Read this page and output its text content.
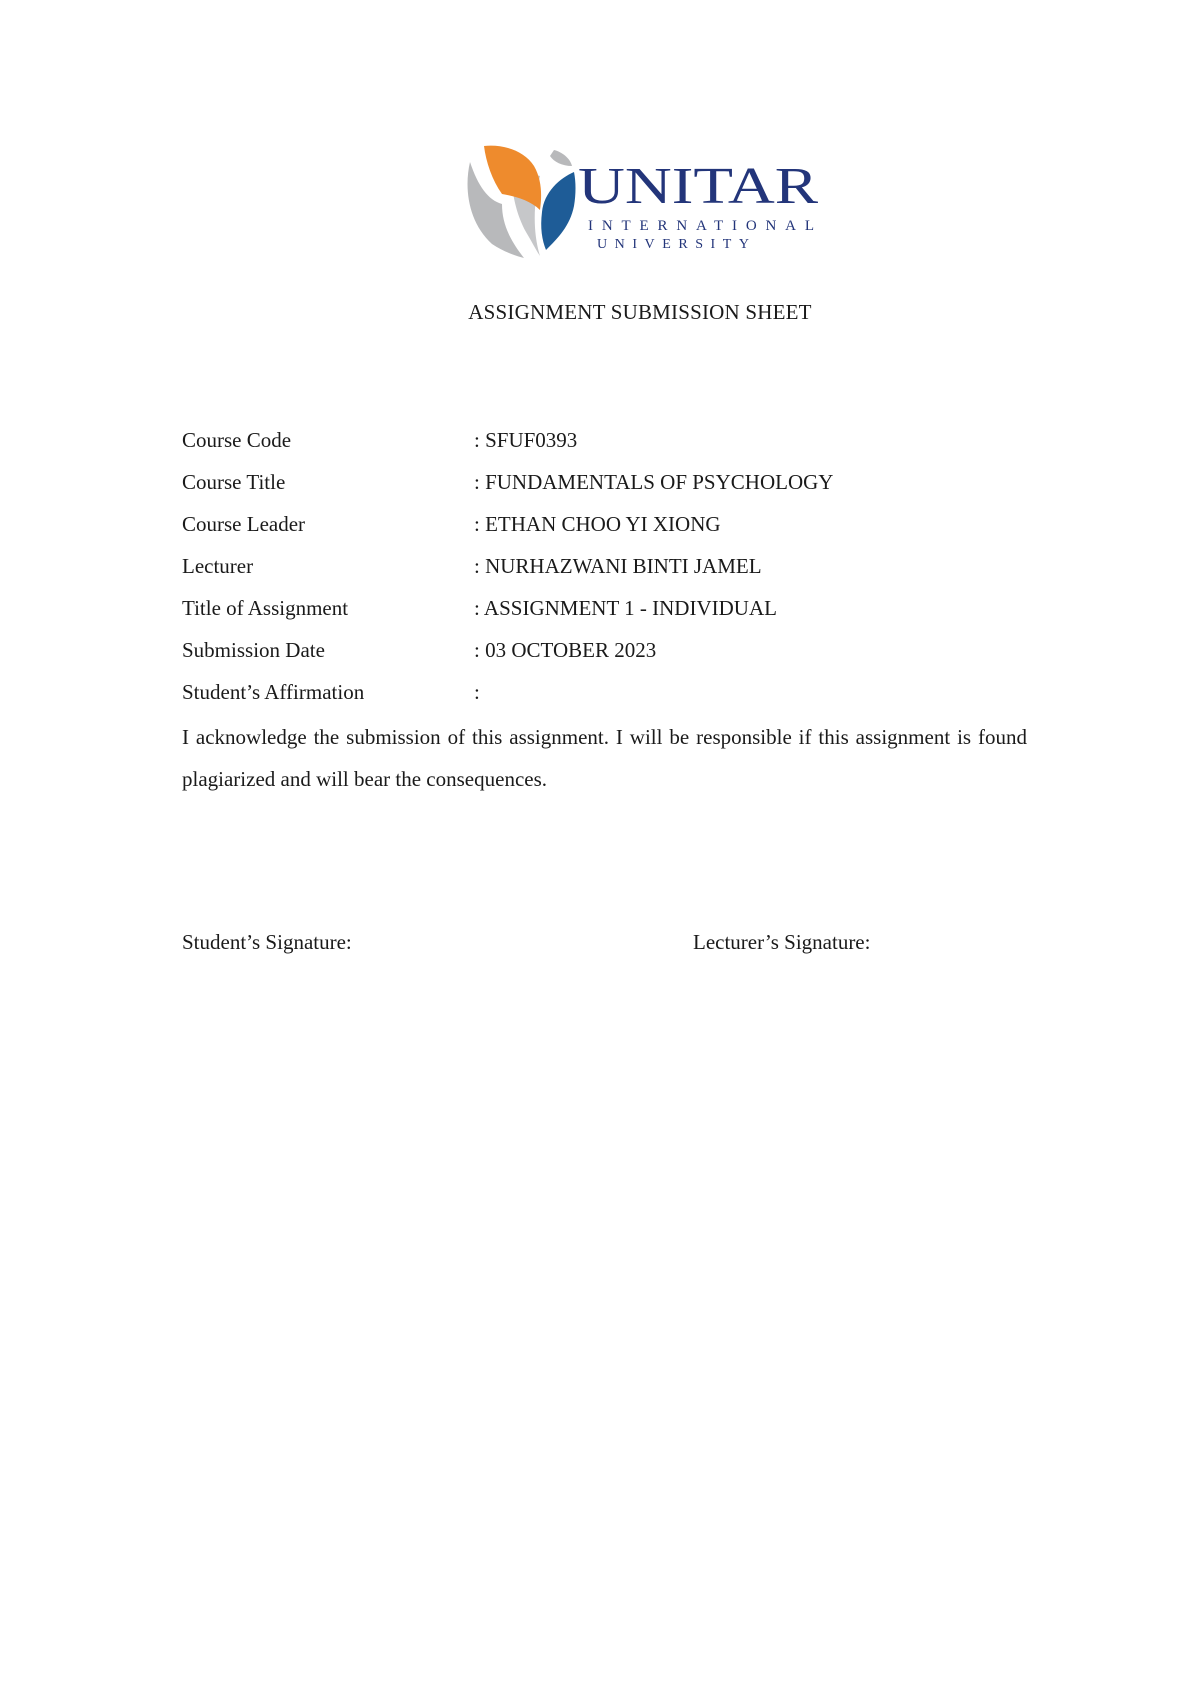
UNITAR
INTERNATIONAL
UNIVERSITY
ASSIGNMENT SUBMISSION SHEET
Course Code	: SFUF0393
Course Title	: FUNDAMENTALS OF PSYCHOLOGY
Course Leader	: ETHAN CHOO YI XIONG
Lecturer	: NURHAZWANI BINTI JAMEL
Title of Assignment	: ASSIGNMENT 1 - INDIVIDUAL
Submission Date	: 03 OCTOBER 2023
Student’s Affirmation	:
I acknowledge the submission of this assignment. I will be responsible if this assignment is found plagiarized and will bear the consequences.
Student’s Signature:	Lecturer’s Signature:
